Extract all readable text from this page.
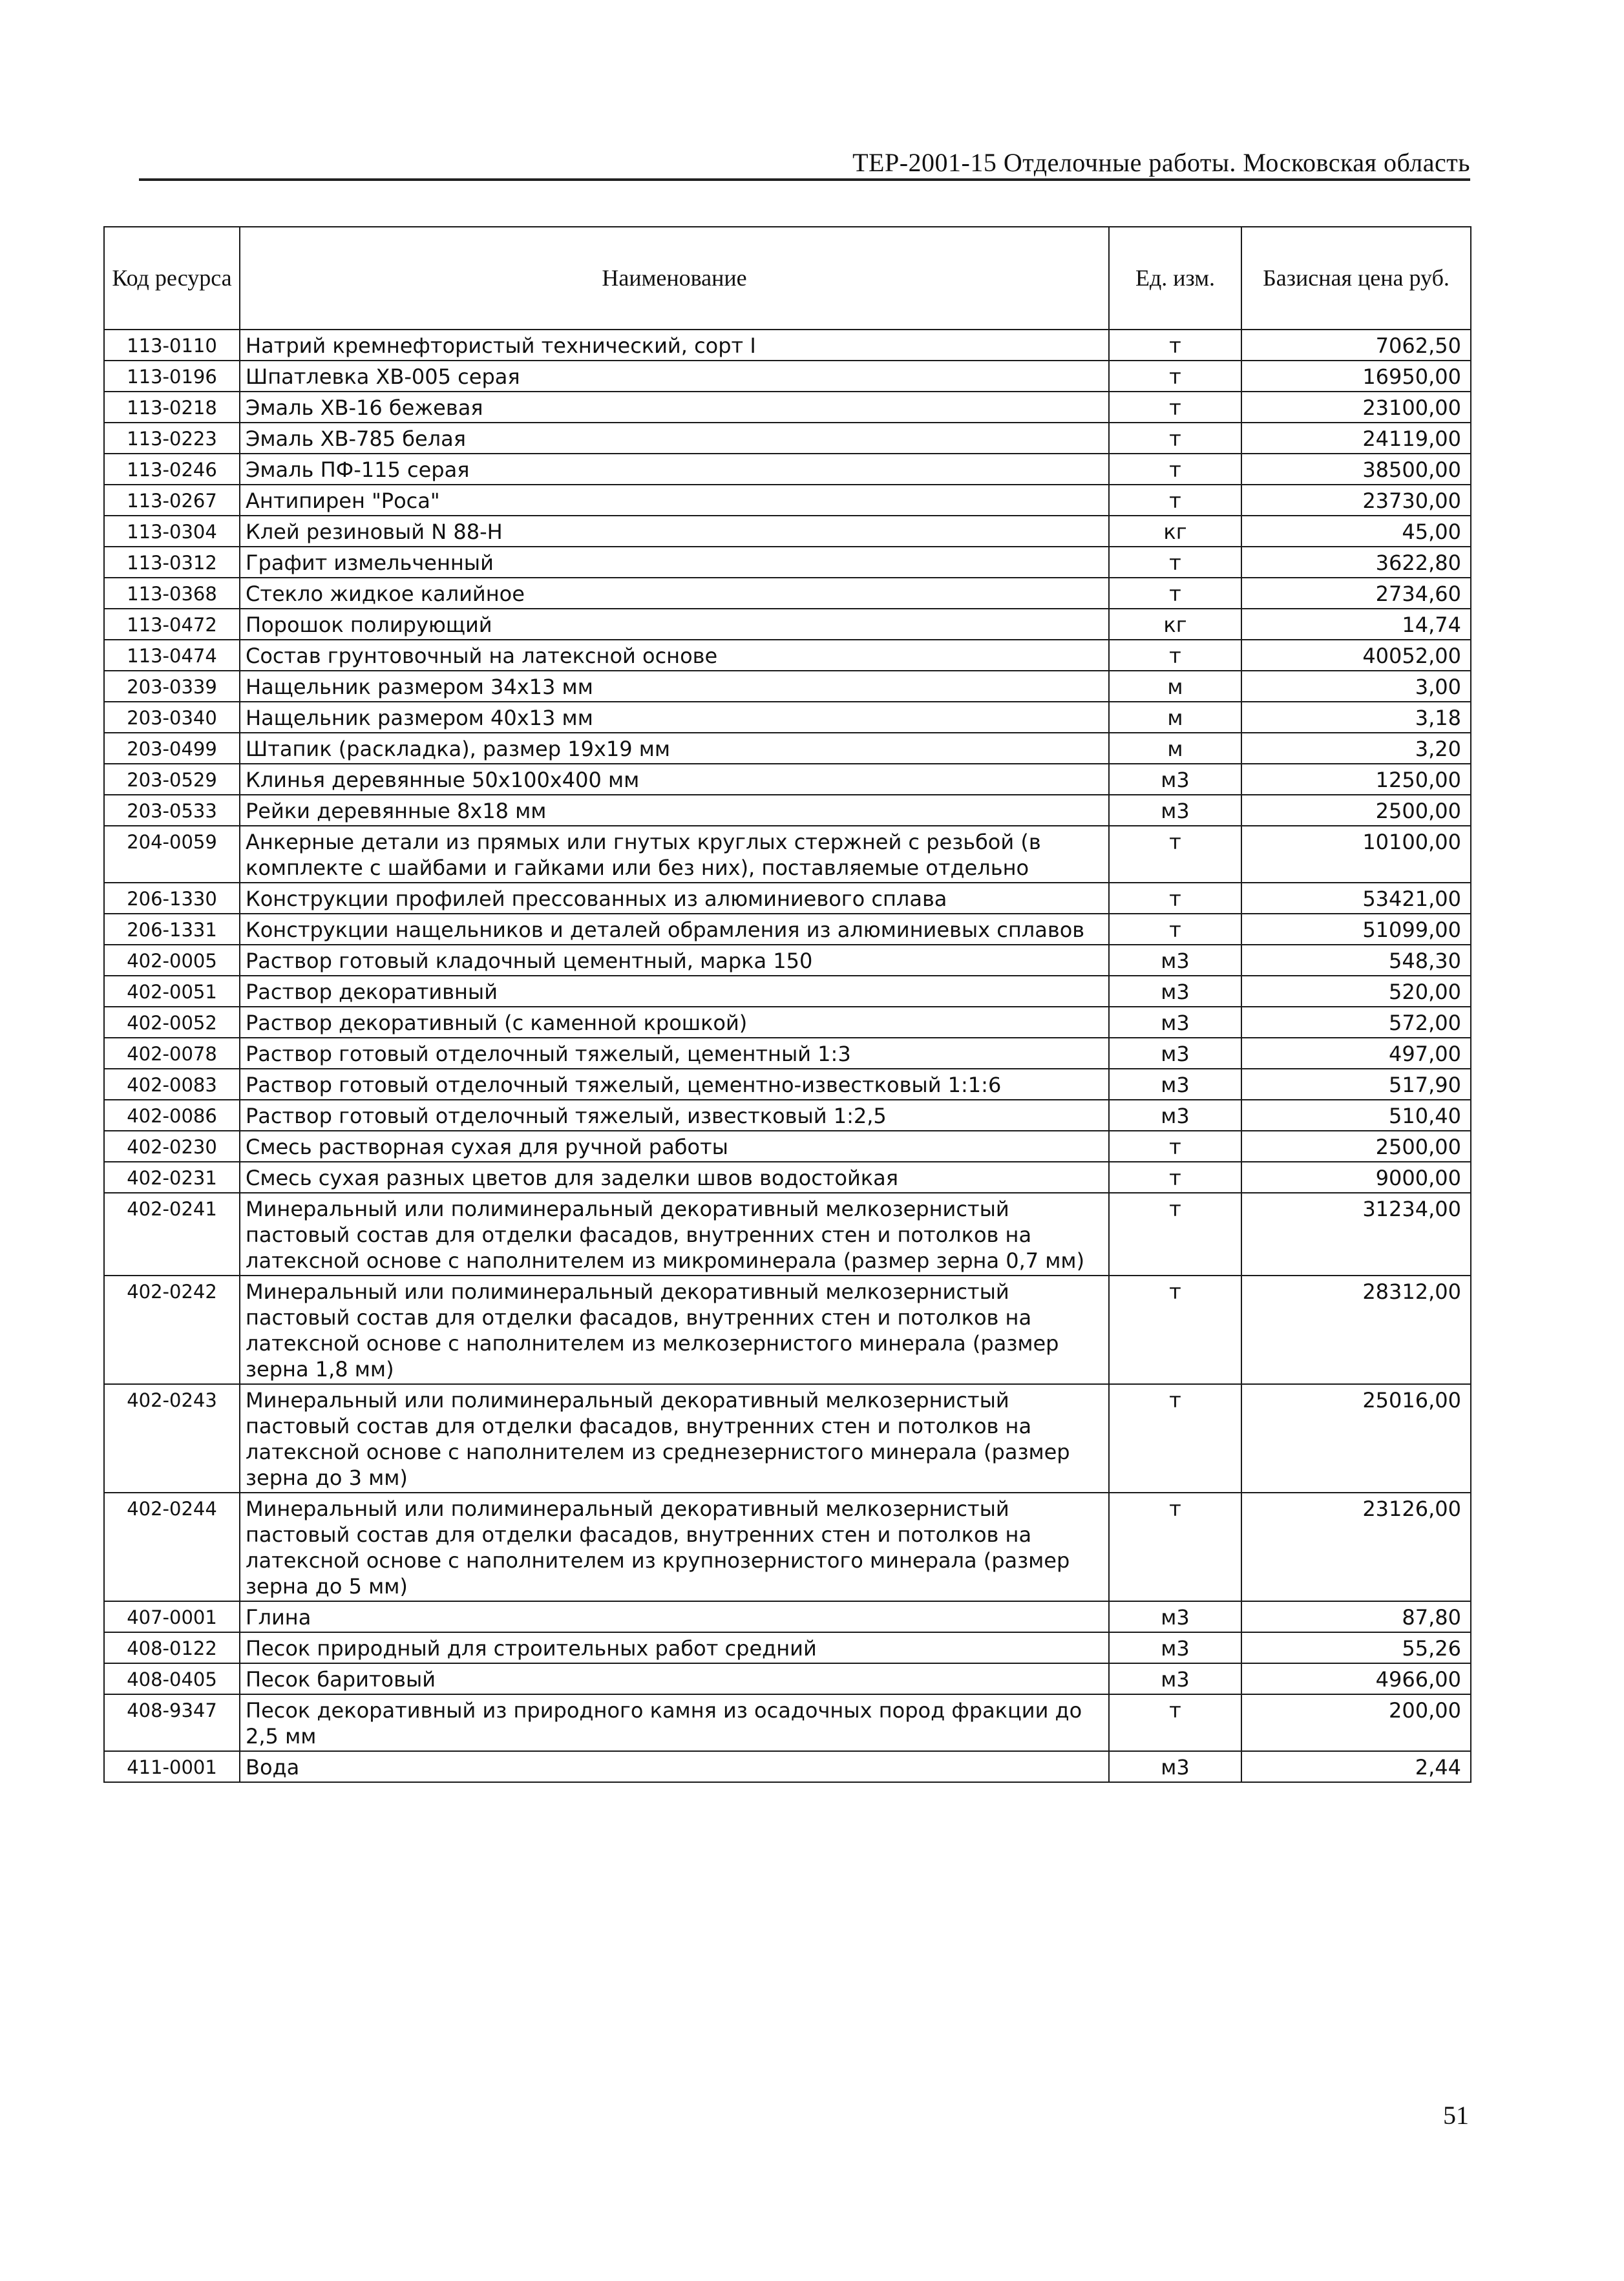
ТЕР-2001-15 Отделочные работы. Московская область
Код ресурса	Наименование	Ед. изм.	Базисная цена руб.
113-0110	Натрий кремнефтористый технический, сорт I	т	7062,50
113-0196	Шпатлевка ХВ-005 серая	т	16950,00
113-0218	Эмаль ХВ-16 бежевая	т	23100,00
113-0223	Эмаль ХВ-785 белая	т	24119,00
113-0246	Эмаль ПФ-115 серая	т	38500,00
113-0267	Антипирен "Роса"	т	23730,00
113-0304	Клей резиновый N 88-Н	кг	45,00
113-0312	Графит измельченный	т	3622,80
113-0368	Стекло жидкое калийное	т	2734,60
113-0472	Порошок полирующий	кг	14,74
113-0474	Состав грунтовочный на латексной основе	т	40052,00
203-0339	Нащельник размером 34х13 мм	м	3,00
203-0340	Нащельник размером 40х13 мм	м	3,18
203-0499	Штапик (раскладка), размер 19х19 мм	м	3,20
203-0529	Клинья деревянные 50х100х400 мм	м3	1250,00
203-0533	Рейки деревянные 8х18 мм	м3	2500,00
204-0059	Анкерные детали из прямых или гнутых круглых стержней с резьбой (в комплекте с шайбами и гайками или без них), поставляемые отдельно	т	10100,00
206-1330	Конструкции профилей прессованных из алюминиевого сплава	т	53421,00
206-1331	Конструкции нащельников и деталей обрамления из алюминиевых сплавов	т	51099,00
402-0005	Раствор готовый кладочный цементный, марка 150	м3	548,30
402-0051	Раствор декоративный	м3	520,00
402-0052	Раствор декоративный (с каменной крошкой)	м3	572,00
402-0078	Раствор готовый отделочный тяжелый, цементный 1:3	м3	497,00
402-0083	Раствор готовый отделочный тяжелый, цементно-известковый 1:1:6	м3	517,90
402-0086	Раствор готовый отделочный тяжелый, известковый 1:2,5	м3	510,40
402-0230	Смесь растворная сухая для ручной работы	т	2500,00
402-0231	Смесь сухая разных цветов для заделки швов водостойкая	т	9000,00
402-0241	Минеральный или полиминеральный декоративный мелкозернистый пастовый состав для отделки фасадов, внутренних стен и потолков на латексной основе с наполнителем из микроминерала (размер зерна 0,7 мм)	т	31234,00
402-0242	Минеральный или полиминеральный декоративный мелкозернистый пастовый состав для отделки фасадов, внутренних стен и потолков на латексной основе с наполнителем из мелкозернистого минерала (размер зерна 1,8 мм)	т	28312,00
402-0243	Минеральный или полиминеральный декоративный мелкозернистый пастовый состав для отделки фасадов, внутренних стен и потолков на латексной основе с наполнителем из среднезернистого минерала (размер зерна до 3 мм)	т	25016,00
402-0244	Минеральный или полиминеральный декоративный мелкозернистый пастовый состав для отделки фасадов, внутренних стен и потолков на латексной основе с наполнителем из крупнозернистого минерала (размер зерна до 5 мм)	т	23126,00
407-0001	Глина	м3	87,80
408-0122	Песок природный для строительных работ средний	м3	55,26
408-0405	Песок баритовый	м3	4966,00
408-9347	Песок декоративный из природного камня из осадочных пород фракции до 2,5 мм	т	200,00
411-0001	Вода	м3	2,44
51
